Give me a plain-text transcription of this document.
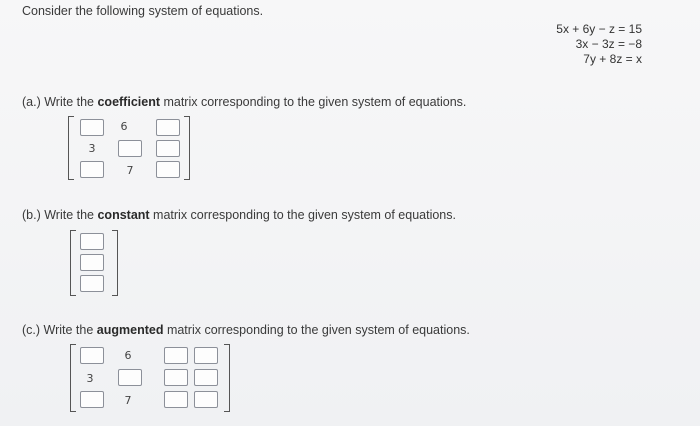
Consider the following system of equations.
5x + 6y − z = 15
3x − 3z = −8
7y + 8z = x
(a.) Write the coefficient matrix corresponding to the given system of equations.
6
3
7
(b.) Write the constant matrix corresponding to the given system of equations.
(c.) Write the augmented matrix corresponding to the given system of equations.
6
3
7
